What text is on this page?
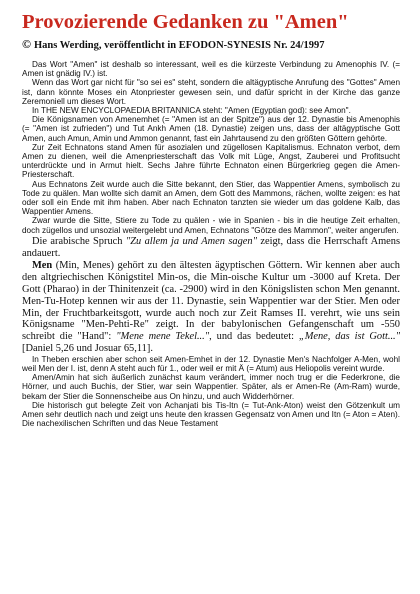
Provozierende Gedanken zu "Amen"
© Hans Werding, veröffentlicht in EFODON-SYNESIS Nr. 24/1997

Das Wort "Amen" ist deshalb so interessant, weil es die kürzeste Verbindung zu Amenophis IV. (= Amen ist gnädig IV.) ist.

Wenn das Wort gar nicht für "so sei es" steht, sondern die altägyptische Anrufung des "Gottes" Amen ist, dann könnte Moses ein Atonpriester gewesen sein, und dafür spricht in der Kirche das ganze Zeremoniell um dieses Wort.

In THE NEW ENCYCLOPAEDIA BRITANNICA steht: "Amen (Egyptian god): see Amon".

Die Königsnamen von Amenemhet (= "Amen ist an der Spitze") aus der 12. Dynastie bis Amenophis (= "Amen ist zufrieden") und Tut Ankh Amen (18. Dynastie) zeigen uns, dass der altägyptische Gott Amen, auch Amun, Amin und Ammon genannt, fast ein Jahrtausend zu den größten Göttern gehörte.

Zur Zeit Echnatons stand Amen für asozialen und zügellosen Kapitalismus. Echnaton verbot, dem Amen zu dienen, weil die Amenpriesterschaft das Volk mit Lüge, Angst, Zauberei und Profitsucht unterdrückte und in Armut hielt. Sechs Jahre führte Echnaton einen Bürgerkrieg gegen die Amen-Priesterschaft.

Aus Echnatons Zeit wurde auch die Sitte bekannt, den Stier, das Wappentier Amens, symbolisch zu Tode zu quälen. Man wollte sich damit an Amen, dem Gott des Mammons, rächen, wollte zeigen: es hat oder soll ein Ende mit ihm haben. Aber nach Echnaton tanzten sie wieder um das goldene Kalb, das Wappentier Amens.

Zwar wurde die Sitte, Stiere zu Tode zu quälen - wie in Spanien - bis in die heutige Zeit erhalten, doch zügellos und unsozial weitergelebt und Amen, Echnatons "Götze des Mammon", weiter angerufen.

Die arabische Spruch "Zu allem ja und Amen sagen" zeigt, dass die Herrschaft Amens andauert.

Men (Min, Menes) gehört zu den ältesten ägyptischen Göttern. Wir kennen aber auch den altgriechischen Königstitel Min-os, die Min-oische Kultur um -3000 auf Kreta. Der Gott (Pharao) in der Thinitenzeit (ca. -2900) wird in den Königslisten schon Men genannt. Men-Tu-Hotep kennen wir aus der 11. Dynastie, sein Wappentier war der Stier. Men oder Min, der Fruchtbarkeitsgott, wurde auch noch zur Zeit Ramses II. verehrt, wie uns sein Königsname "Men-Pehti-Re" zeigt. In der babylonischen Gefangenschaft um -550 schreibt die "Hand": "Mene mene Tekel...", und das bedeutet: „Mene, das ist Gott..." [Daniel 5,26 und Josuar 65,11].

In Theben erschien aber schon seit Amen-Emhet in der 12. Dynastie Men's Nachfolger A-Men, wohl weil Men der I. ist, denn A steht auch für 1., oder weil er mit Ä (= Atum) aus Heliopolis vereint wurde.

Amen/Amin hat sich äußerlich zunächst kaum verändert, immer noch trug er die Federkrone, die Hörner, und auch Buchis, der Stier, war sein Wappentier. Später, als er Amen-Re (Am-Ram) wurde, bekam der Stier die Sonnenscheibe aus On hinzu, und auch Widderhörner.

Die historisch gut belegte Zeit von Achanjati bis Tis-Itn (= Tut-Ank-Aton) weist den Götzenkult um Amen sehr deutlich nach und zeigt uns heute den krassen Gegensatz von Amen und Itn (= Aton = Aten). Die nachexilischen Schriften und das Neue Testament
